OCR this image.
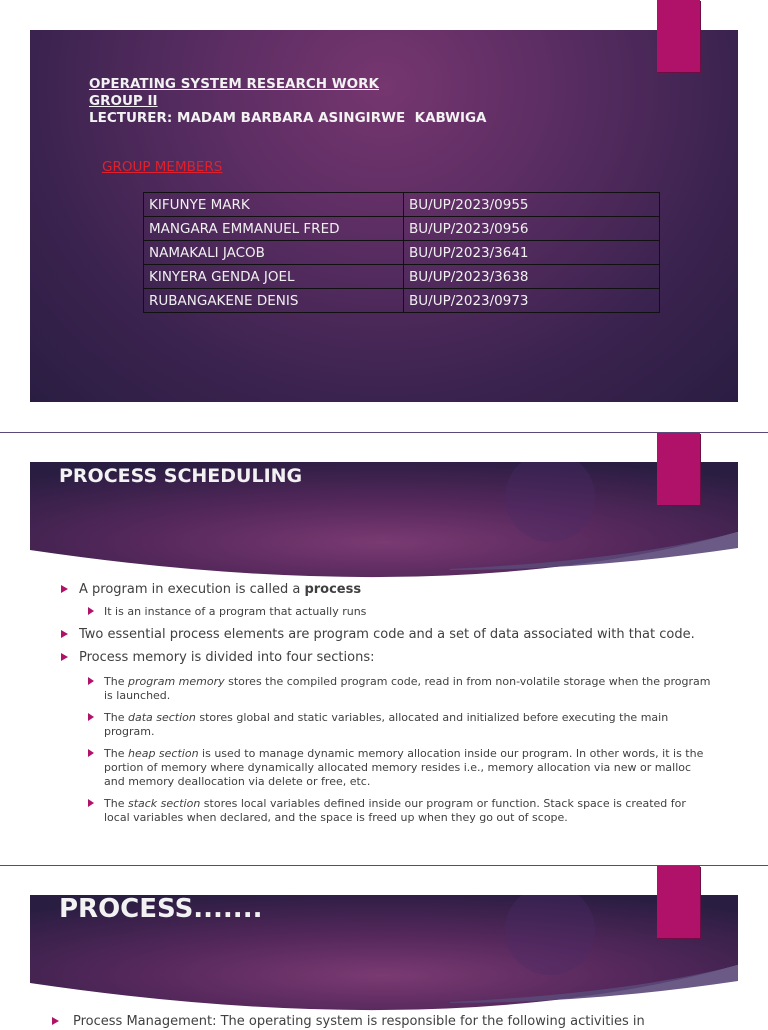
OPERATING SYSTEM RESEARCH WORK
GROUP II
LECTURER: MADAM BARBARA ASINGIRWE  KABWIGA
GROUP MEMBERS
KIFUNYE MARK	BU/UP/2023/0955
MANGARA EMMANUEL FRED	BU/UP/2023/0956
NAMAKALI JACOB	BU/UP/2023/3641
KINYERA GENDA JOEL	BU/UP/2023/3638
RUBANGAKENE DENIS	BU/UP/2023/0973
PROCESS SCHEDULING
A program in execution is called a process
It is an instance of a program that actually runs
Two essential process elements are program code and a set of data associated with that code.
Process memory is divided into four sections:
The program memory stores the compiled program code, read in from non-volatile storage when the program is launched.
The data section stores global and static variables, allocated and initialized before executing the main program.
The heap section is used to manage dynamic memory allocation inside our program. In other words, it is the portion of memory where dynamically allocated memory resides i.e., memory allocation via new or malloc and memory deallocation via delete or free, etc.
The stack section stores local variables defined inside our program or function. Stack space is created for local variables when declared, and the space is freed up when they go out of scope.
PROCESS.......
Process Management: The operating system is responsible for the following activities in
